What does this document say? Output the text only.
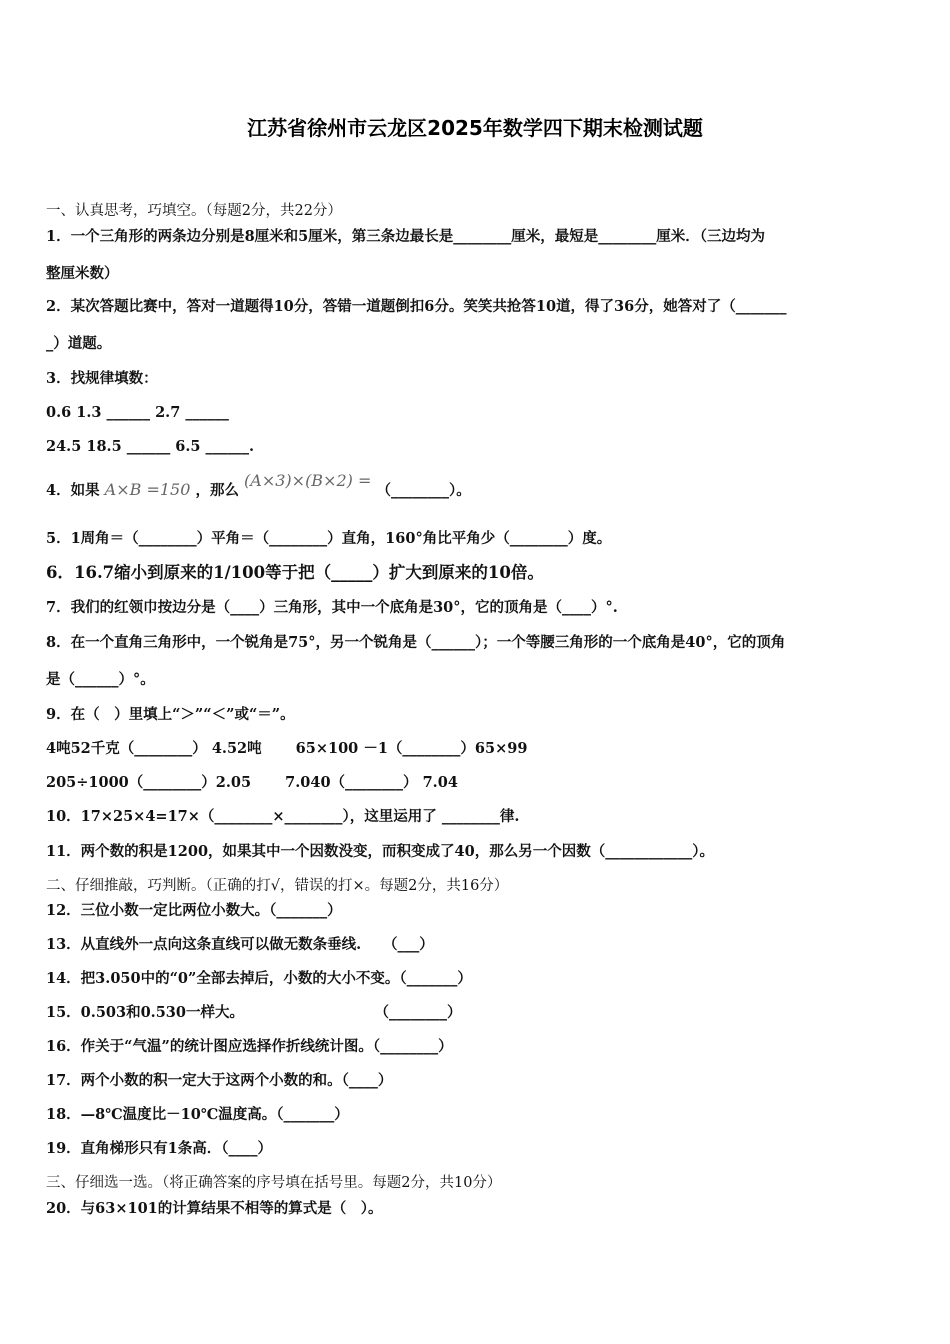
江苏省徐州市云龙区2025年数学四下期末检测试题
一、认真思考，巧填空。（每题2分，共22分）
1．一个三角形的两条边分别是8厘米和5厘米，第三条边最长是________厘米，最短是________厘米．（三边均为
整厘米数）
2．某次答题比赛中，答对一道题得10分，答错一道题倒扣6分。笑笑共抢答10道，得了36分，她答对了（_______
_）道题。
3．找规律填数：
0.6 1.3 ______ 2.7 ______
24.5 18.5 ______ 6.5 ______.
4．如果 A×B =150 ，那么 (A×3)×(B×2) = （________）。
5．1周角＝（________）平角＝（________）直角，160°角比平角少（________）度。
6．16.7缩小到原来的1/100等于把（_____）扩大到原来的10倍。
7．我们的红领巾按边分是（____）三角形，其中一个底角是30°，它的顶角是（____）°.
8．在一个直角三角形中，一个锐角是75°，另一个锐角是（______）；一个等腰三角形的一个底角是40°，它的顶角
是（______）°。
9．在（　）里填上“＞”“＜”或“＝”。
4吨52千克（________） 4.52吨　　 65×100 －1（________）65×99
205÷1000（________）2.05　　 7.040（________） 7.04
10．17×25×4=17×（________×________），这里运用了 ________律.
11．两个数的积是1200，如果其中一个因数没变，而积变成了40，那么另一个因数（____________）。
二、仔细推敲，巧判断。（正确的打√，错误的打×。每题2分，共16分）
12．三位小数一定比两位小数大。（_______）
13．从直线外一点向这条直线可以做无数条垂线.　　（___）
14．把3.050中的“0”全部去掉后，小数的大小不变。（_______）
15．0.503和0.530一样大。　　　　　　　　　　（________）
16．作关于“气温”的统计图应选择作折线统计图。（________）
17．两个小数的积一定大于这两个小数的和。（____）
18．—8℃温度比－10℃温度高。（_______）
19．直角梯形只有1条高．（____）
三、仔细选一选。（将正确答案的序号填在括号里。每题2分，共10分）
20．与63×101的计算结果不相等的算式是（　）。
